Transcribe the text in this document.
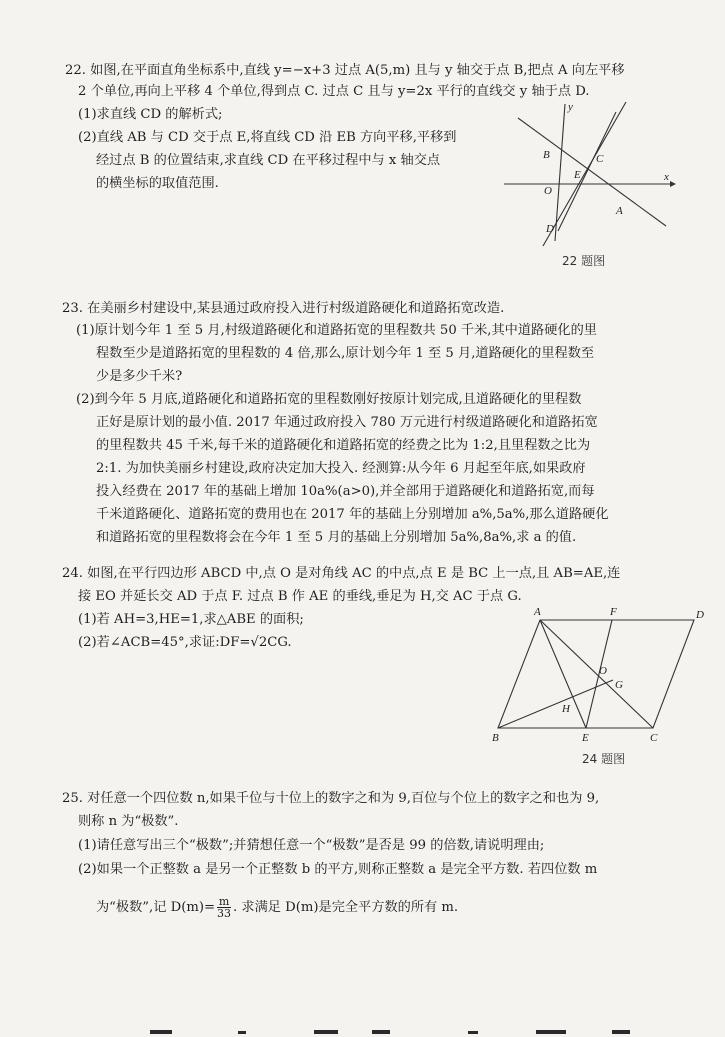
22. 如图,在平面直角坐标系中,直线 y=−x+3 过点 A(5,m) 且与 y 轴交于点 B,把点 A 向左平移
2 个单位,再向上平移 4 个单位,得到点 C. 过点 C 且与 y=2x 平行的直线交 y 轴于点 D.
(1)求直线 CD 的解析式;
(2)直线 AB 与 CD 交于点 E,将直线 CD 沿 EB 方向平移,平移到
经过点 B 的位置结束,求直线 CD 在平移过程中与 x 轴交点
的横坐标的取值范围.
y
x
B	C
E
O
A
D
22 题图
23. 在美丽乡村建设中,某县通过政府投入进行村级道路硬化和道路拓宽改造.
(1)原计划今年 1 至 5 月,村级道路硬化和道路拓宽的里程数共 50 千米,其中道路硬化的里
程数至少是道路拓宽的里程数的 4 倍,那么,原计划今年 1 至 5 月,道路硬化的里程数至
少是多少千米?
(2)到今年 5 月底,道路硬化和道路拓宽的里程数刚好按原计划完成,且道路硬化的里程数
正好是原计划的最小值. 2017 年通过政府投入 780 万元进行村级道路硬化和道路拓宽
的里程数共 45 千米,每千米的道路硬化和道路拓宽的经费之比为 1:2,且里程数之比为
2:1. 为加快美丽乡村建设,政府决定加大投入. 经测算:从今年 6 月起至年底,如果政府
投入经费在 2017 年的基础上增加 10a%(a>0),并全部用于道路硬化和道路拓宽,而每
千米道路硬化、道路拓宽的费用也在 2017 年的基础上分别增加 a%,5a%,那么道路硬化
和道路拓宽的里程数将会在今年 1 至 5 月的基础上分别增加 5a%,8a%,求 a 的值.
24. 如图,在平行四边形 ABCD 中,点 O 是对角线 AC 的中点,点 E 是 BC 上一点,且 AB=AE,连
接 EO 并延长交 AD 于点 F. 过点 B 作 AE 的垂线,垂足为 H,交 AC 于点 G.
(1)若 AH=3,HE=1,求△ABE 的面积;
(2)若∠ACB=45°,求证:DF=√2CG.
A	F	D
O
G
H
B	E	C
24 题图
25. 对任意一个四位数 n,如果千位与十位上的数字之和为 9,百位与个位上的数字之和也为 9,
则称 n 为“极数”.
(1)请任意写出三个“极数”;并猜想任意一个“极数”是否是 99 的倍数,请说明理由;
(2)如果一个正整数 a 是另一个正整数 b 的平方,则称正整数 a 是完全平方数. 若四位数 m
为“极数”,记 $D(m)= \frac{m}{33}$ . 求满足 D(m)是完全平方数的所有 m.
